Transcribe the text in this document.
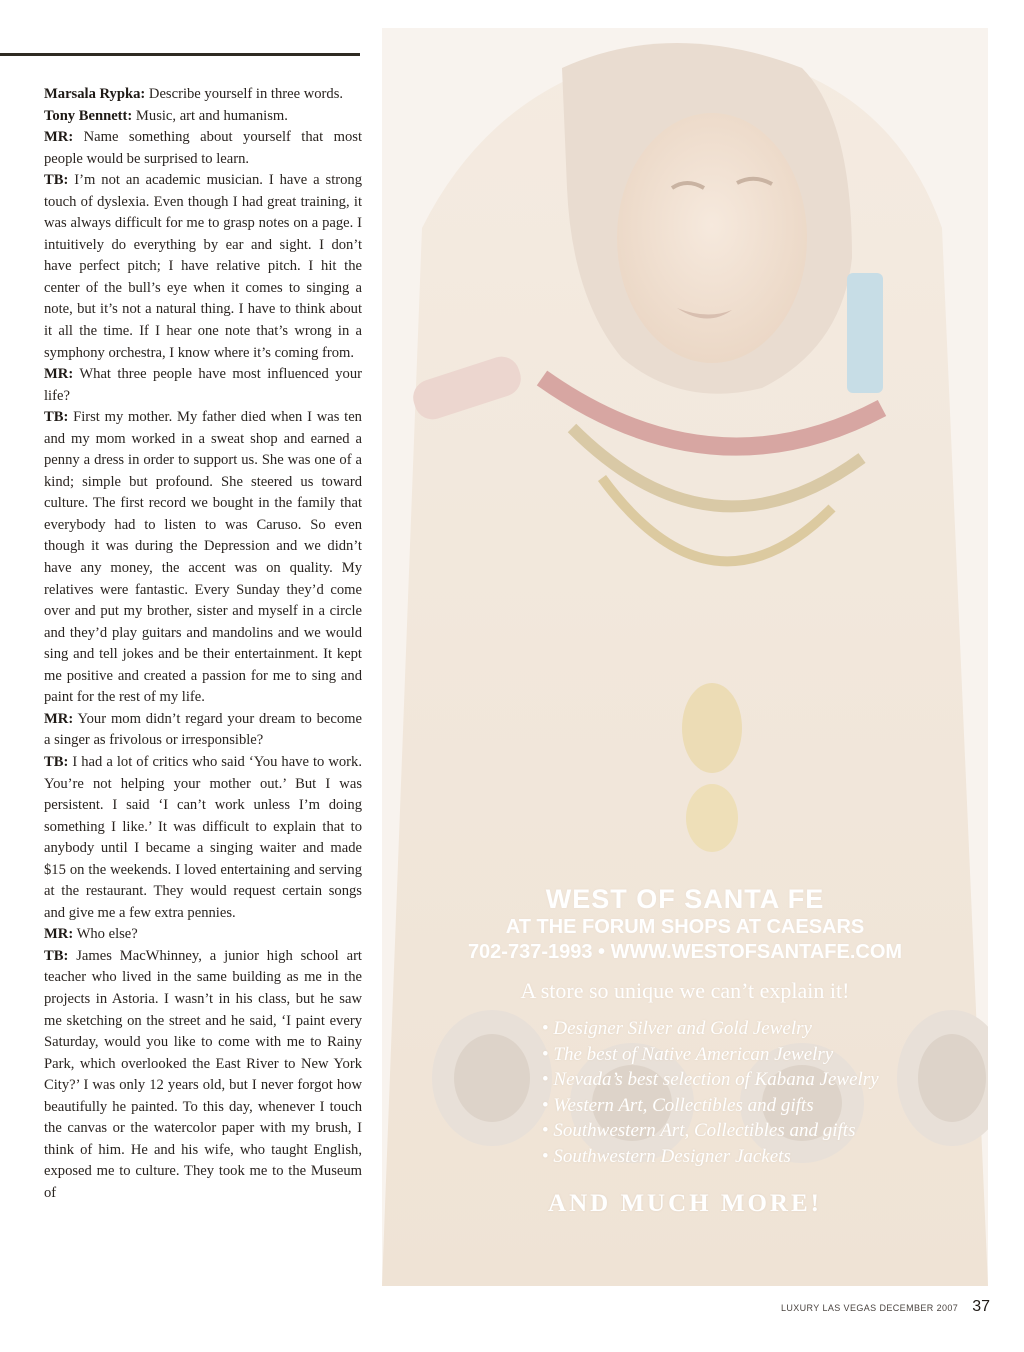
Marsala Rypka: Describe yourself in three words.

Tony Bennett: Music, art and humanism.

MR: Name something about yourself that most people would be surprised to learn.

TB: I’m not an academic musician. I have a strong touch of dyslexia. Even though I had great training, it was always difficult for me to grasp notes on a page. I intuitively do everything by ear and sight. I don’t have perfect pitch; I have relative pitch. I hit the center of the bull’s eye when it comes to singing a note, but it’s not a natural thing. I have to think about it all the time. If I hear one note that’s wrong in a symphony orchestra, I know where it’s coming from.

MR: What three people have most influenced your life?

TB: First my mother. My father died when I was ten and my mom worked in a sweat shop and earned a penny a dress in order to support us. She was one of a kind; simple but profound. She steered us toward culture. The first record we bought in the family that everybody had to listen to was Caruso. So even though it was during the Depression and we didn’t have any money, the accent was on quality. My relatives were fantastic. Every Sunday they’d come over and put my brother, sister and myself in a circle and they’d play guitars and mandolins and we would sing and tell jokes and be their entertainment. It kept me positive and created a passion for me to sing and paint for the rest of my life.

MR: Your mom didn’t regard your dream to become a singer as frivolous or irresponsible?

TB: I had a lot of critics who said ‘You have to work. You’re not helping your mother out.’ But I was persistent. I said ‘I can’t work unless I’m doing something I like.’ It was difficult to explain that to anybody until I became a singing waiter and made $15 on the weekends. I loved entertaining and serving at the restaurant. They would request certain songs and give me a few extra pennies.

MR: Who else?

TB: James MacWhinney, a junior high school art teacher who lived in the same building as me in the projects in Astoria. I wasn’t in his class, but he saw me sketching on the street and he said, ‘I paint every Saturday, would you like to come with me to Rainy Park, which overlooked the East River to New York City?’ I was only 12 years old, but I never forgot how beautifully he painted. To this day, whenever I touch the canvas or the watercolor paper with my brush, I think of him. He and his wife, who taught English, exposed me to culture. They took me to the Museum of

WEST OF SANTA FE
AT THE FORUM SHOPS AT CAESARS
702-737-1993 • WWW.WESTOFSANTAFE.COM
A store so unique we can’t explain it!
• Designer Silver and Gold Jewelry
• The best of Native American Jewelry
• Nevada’s best selection of Kabana Jewelry
• Western Art, Collectibles and gifts
• Southwestern Art, Collectibles and gifts
• Southwestern Designer Jackets
AND MUCH MORE!
LUXURY LAS VEGAS DECEMBER 2007 37
